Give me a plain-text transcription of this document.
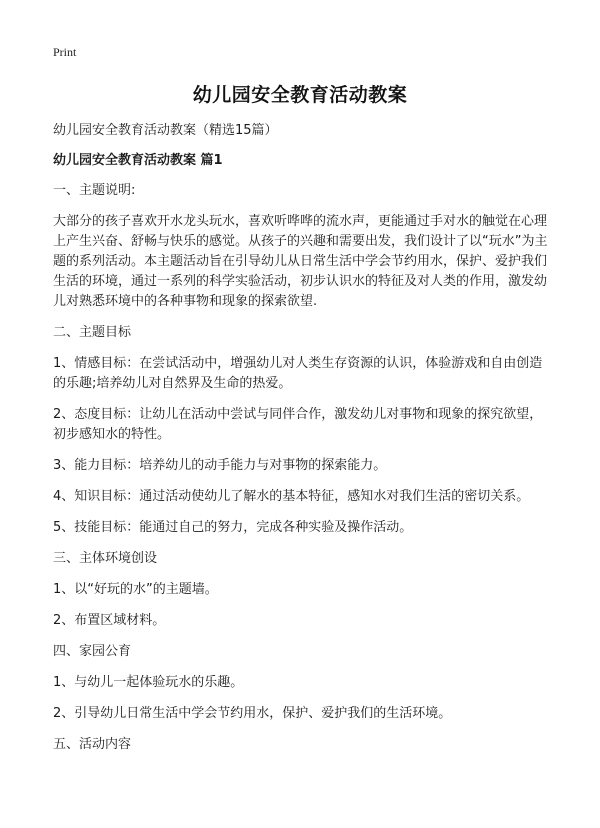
Print
幼儿园安全教育活动教案

幼儿园安全教育活动教案（精选15篇）

幼儿园安全教育活动教案 篇1

一、主题说明:

大部分的孩子喜欢开水龙头玩水，喜欢听哗哗的流水声，更能通过手对水的触觉在心理上产生兴奋、舒畅与快乐的感觉。从孩子的兴趣和需要出发，我们设计了以“玩水”为主题的系列活动。本主题活动旨在引导幼儿从日常生活中学会节约用水，保护、爱护我们生活的环境，通过一系列的科学实验活动，初步认识水的特征及对人类的作用，激发幼儿对熟悉环境中的各种事物和现象的探索欲望.

二、主题目标

1、情感目标：在尝试活动中，增强幼儿对人类生存资源的认识，体验游戏和自由创造的乐趣;培养幼儿对自然界及生命的热爱。

2、态度目标：让幼儿在活动中尝试与同伴合作，激发幼儿对事物和现象的探究欲望，初步感知水的特性。

3、能力目标：培养幼儿的动手能力与对事物的探索能力。

4、知识目标：通过活动使幼儿了解水的基本特征，感知水对我们生活的密切关系。

5、技能目标：能通过自己的努力，完成各种实验及操作活动。

三、主体环境创设

1、以“好玩的水”的主题墙。

2、布置区域材料。

四、家园公育

1、与幼儿一起体验玩水的乐趣。

2、引导幼儿日常生活中学会节约用水，保护、爱护我们的生活环境。

五、活动内容
